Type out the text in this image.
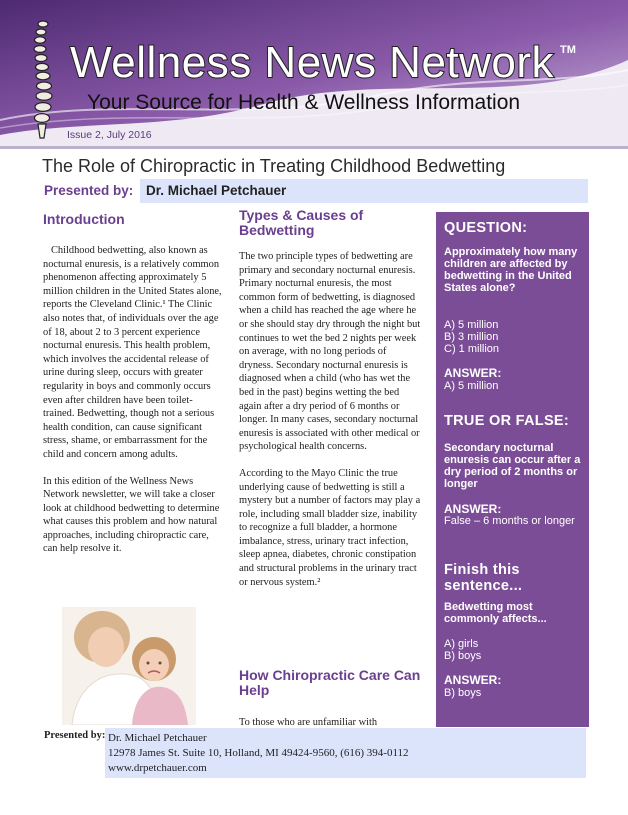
Wellness News Network TM
Your Source for Health & Wellness Information
Issue 2, July 2016
The Role of Chiropractic in Treating Childhood Bedwetting
Presented by: Dr. Michael Petchauer
Introduction

Childhood bedwetting, also known as nocturnal enuresis, is a relatively common phenomenon affecting approximately 5 million children in the United States alone, reports the Cleveland Clinic.¹ The Clinic also notes that, of individuals over the age of 18, about 2 to 3 percent experience nocturnal enuresis. This health problem, which involves the accidental release of urine during sleep, occurs with greater regularity in boys and commonly occurs even after children have been toilet-trained. Bedwetting, though not a serious health condition, can cause significant stress, shame, or embarrassment for the child and concern among adults.

In this edition of the Wellness News Network newsletter, we will take a closer look at childhood bedwetting to determine what causes this problem and how natural approaches, including chiropractic care, can help resolve it.

Types & Causes of Bedwetting

The two principle types of bedwetting are primary and secondary nocturnal enuresis. Primary nocturnal enuresis, the most common form of bedwetting, is diagnosed when a child has reached the age where he or she should stay dry through the night but continues to wet the bed 2 nights per week on average, with no long periods of dryness. Secondary nocturnal enuresis is diagnosed when a child (who has wet the bed in the past) begins wetting the bed again after a dry period of 6 months or longer. In many cases, secondary nocturnal enuresis is associated with other medical or psychological health concerns.

According to the Mayo Clinic the true underlying cause of bedwetting is still a mystery but a number of factors may play a role, including small bladder size, inability to recognize a full bladder, a hormone imbalance, stress, urinary tract infection, sleep apnea, diabetes, chronic constipation and structural problems in the urinary tract or nervous system.²

How Chiropractic Care Can Help

To those who are unfamiliar with

QUESTION:
Approximately how many children are affected by bedwetting in the United States alone?
A) 5 million
B) 3 million
C) 1 million
ANSWER:
A) 5 million
TRUE OR FALSE:
Secondary nocturnal enuresis can occur after a dry period of 2 months or longer
ANSWER:
False – 6 months or longer
Finish this sentence...
Bedwetting most commonly affects...
A) girls
B) boys
ANSWER:
B) boys
Presented by: Dr. Michael Petchauer
12978 James St. Suite 10, Holland, MI 49424-9560, (616) 394-0112
www.drpetchauer.com
